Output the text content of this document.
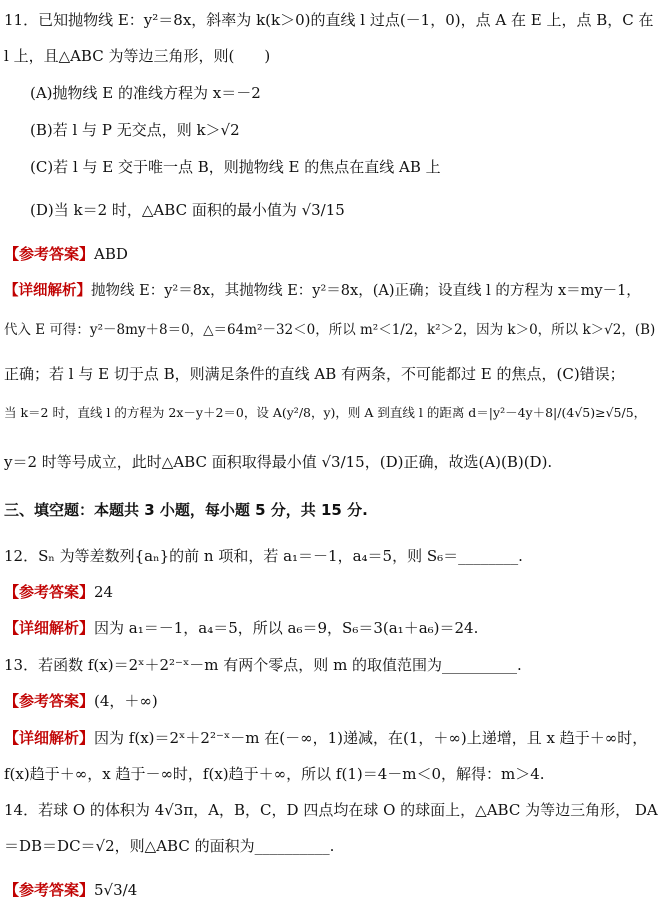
11．已知抛物线 E：y²＝8x，斜率为 k(k＞0)的直线 l 过点(－1，0)，点 A 在 E 上，点 B，C 在
l 上，且△ABC 为等边三角形，则(　　)
(A)抛物线 E 的准线方程为 x＝－2
(B)若 l 与 P 无交点，则 k＞√2
(C)若 l 与 E 交于唯一点 B，则抛物线 E 的焦点在直线 AB 上
(D)当 k＝2 时，△ABC 面积的最小值为 √3/15
【参考答案】ABD
【详细解析】抛物线 E：y²＝8x，其抛物线 E：y²＝8x，(A)正确；设直线 l 的方程为 x＝my－1，
代入 E 可得：y²－8my＋8＝0，△＝64m²－32＜0，所以 m²＜1/2，k²＞2，因为 k＞0，所以 k＞√2，(B)
正确；若 l 与 E 切于点 B，则满足条件的直线 AB 有两条，不可能都过 E 的焦点，(C)错误；
当 k＝2 时，直线 l 的方程为 2x－y＋2＝0，设 A(y²/8，y)，则 A 到直线 l 的距离 d＝|y²－4y＋8|/(4√5)≥√5/5，
y＝2 时等号成立，此时△ABC 面积取得最小值 √3/15，(D)正确，故选(A)(B)(D).
三、填空题：本题共 3 小题，每小题 5 分，共 15 分.
12．Sₙ 为等差数列{aₙ}的前 n 项和，若 a₁＝－1，a₄＝5，则 S₆＝________.
【参考答案】24
【详细解析】因为 a₁＝－1，a₄＝5，所以 a₆＝9，S₆＝3(a₁＋a₆)＝24.
13．若函数 f(x)＝2ˣ＋2²⁻ˣ－m 有两个零点，则 m 的取值范围为__________.
【参考答案】(4，＋∞)
【详细解析】因为 f(x)＝2ˣ＋2²⁻ˣ－m 在(－∞，1)递减，在(1，＋∞)上递增，且 x 趋于＋∞时，
f(x)趋于＋∞，x 趋于－∞时，f(x)趋于＋∞，所以 f(1)＝4－m＜0，解得：m＞4.
14．若球 O 的体积为 4√3π，A，B，C，D 四点均在球 O 的球面上，△ABC 为等边三角形， DA
＝DB＝DC＝√2，则△ABC 的面积为__________.
【参考答案】5√3/4
